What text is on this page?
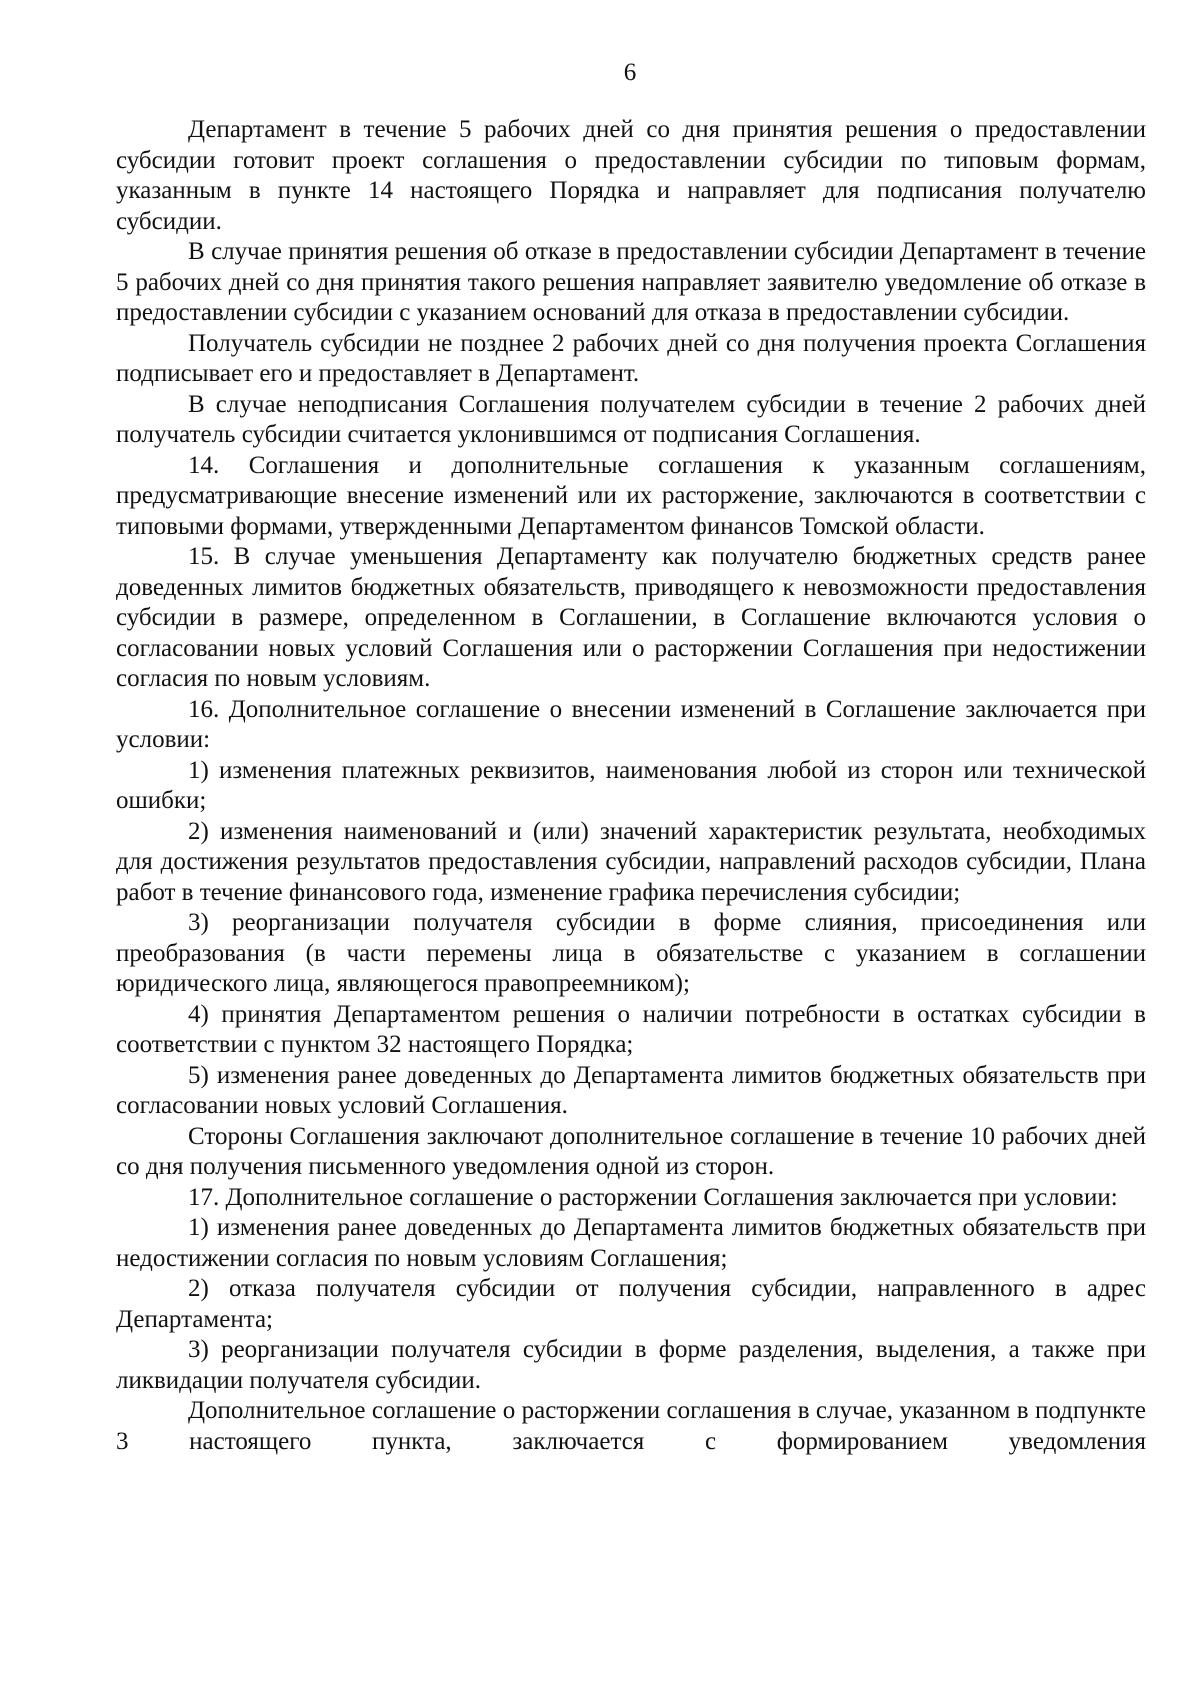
6

Департамент в течение 5 рабочих дней со дня принятия решения о предоставлении субсидии готовит проект соглашения о предоставлении субсидии по типовым формам, указанным в пункте 14 настоящего Порядка и направляет для подписания получателю субсидии.

В случае принятия решения об отказе в предоставлении субсидии Департамент в течение 5 рабочих дней со дня принятия такого решения направляет заявителю уведомление об отказе в предоставлении субсидии с указанием оснований для отказа в предоставлении субсидии.

Получатель субсидии не позднее 2 рабочих дней со дня получения проекта Соглашения подписывает его и предоставляет в Департамент.

В случае неподписания Соглашения получателем субсидии в течение 2 рабочих дней получатель субсидии считается уклонившимся от подписания Соглашения.

14. Соглашения и дополнительные соглашения к указанным соглашениям, предусматривающие внесение изменений или их расторжение, заключаются в соответствии с типовыми формами, утвержденными Департаментом финансов Томской области.

15. В случае уменьшения Департаменту как получателю бюджетных средств ранее доведенных лимитов бюджетных обязательств, приводящего к невозможности предоставления субсидии в размере, определенном в Соглашении, в Соглашение включаются условия о согласовании новых условий Соглашения или о расторжении Соглашения при недостижении согласия по новым условиям.

16. Дополнительное соглашение о внесении изменений в Соглашение заключается при условии:

1) изменения платежных реквизитов, наименования любой из сторон или технической ошибки;

2) изменения наименований и (или) значений характеристик результата, необходимых для достижения результатов предоставления субсидии, направлений расходов субсидии, Плана работ в течение финансового года, изменение графика перечисления субсидии;

3) реорганизации получателя субсидии в форме слияния, присоединения или преобразования (в части перемены лица в обязательстве с указанием в соглашении юридического лица, являющегося правопреемником);

4) принятия Департаментом решения о наличии потребности в остатках субсидии в соответствии с пунктом 32 настоящего Порядка;

5) изменения ранее доведенных до Департамента лимитов бюджетных обязательств при согласовании новых условий Соглашения.

Стороны Соглашения заключают дополнительное соглашение в течение 10 рабочих дней со дня получения письменного уведомления одной из сторон.

17. Дополнительное соглашение о расторжении Соглашения заключается при условии:

1) изменения ранее доведенных до Департамента лимитов бюджетных обязательств при недостижении согласия по новым условиям Соглашения;

2) отказа получателя субсидии от получения субсидии, направленного в адрес Департамента;

3) реорганизации получателя субсидии в форме разделения, выделения, а также при ликвидации получателя субсидии.

Дополнительное соглашение о расторжении соглашения в случае, указанном в подпункте 3 настоящего пункта, заключается с формированием уведомления
